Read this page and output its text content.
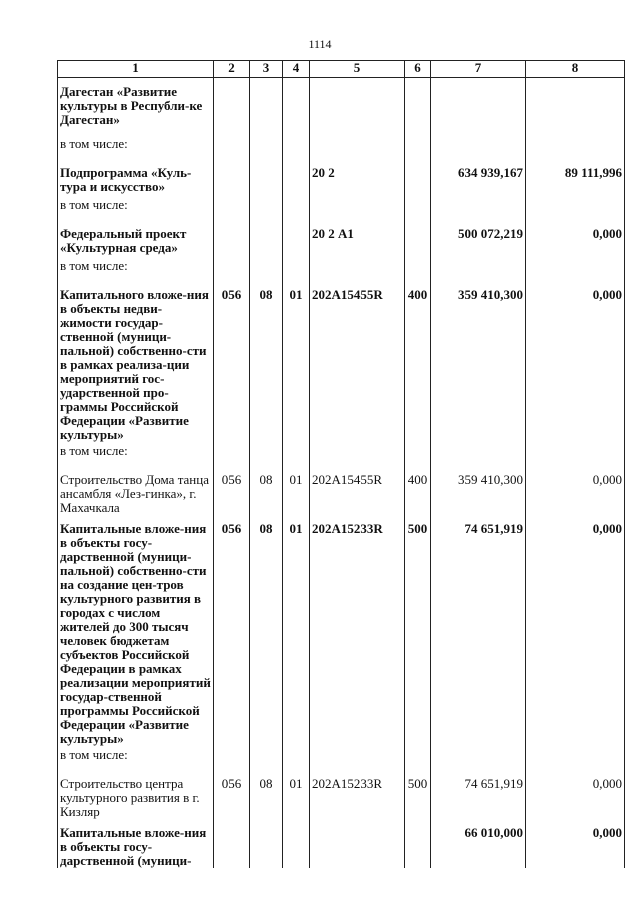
1114
1	2	3	4	5	6	7	8
Дагестан «Развитие культуры в Республи-ке Дагестан»							
в том числе:							
Подпрограмма «Куль-тура и искусство»				20 2		634 939,167	89 111,996
в том числе:							
Федеральный проект «Культурная среда»				20 2 А1		500 072,219	0,000
в том числе:							
Капитального вложе-ния в объекты недви-жимости государ-ственной (муници-пальной) собственно-сти в рамках реализа-ции мероприятий гос-ударственной про-граммы Российской Федерации «Развитие культуры»	056	08	01	202А15455R	400	359 410,300	0,000
в том числе:							
Строительство Дома танца ансамбля «Лез-гинка», г. Махачкала	056	08	01	202А15455R	400	359 410,300	0,000
Капитальные вложе-ния в объекты госу-дарственной (муници-пальной) собственно-сти на создание цен-тров культурного развития в городах с числом жителей до 300 тысяч человек бюджетам субъектов Российской Федерации в рамках реализации мероприятий государ-ственной программы Российской Федерации «Развитие культуры»	056	08	01	202А15233R	500	74 651,919	0,000
в том числе:							
Строительство центра культурного развития в г. Кизляр	056	08	01	202А15233R	500	74 651,919	0,000
Капитальные вложе-ния в объекты госу-дарственной (муници-						66 010,000	0,000
